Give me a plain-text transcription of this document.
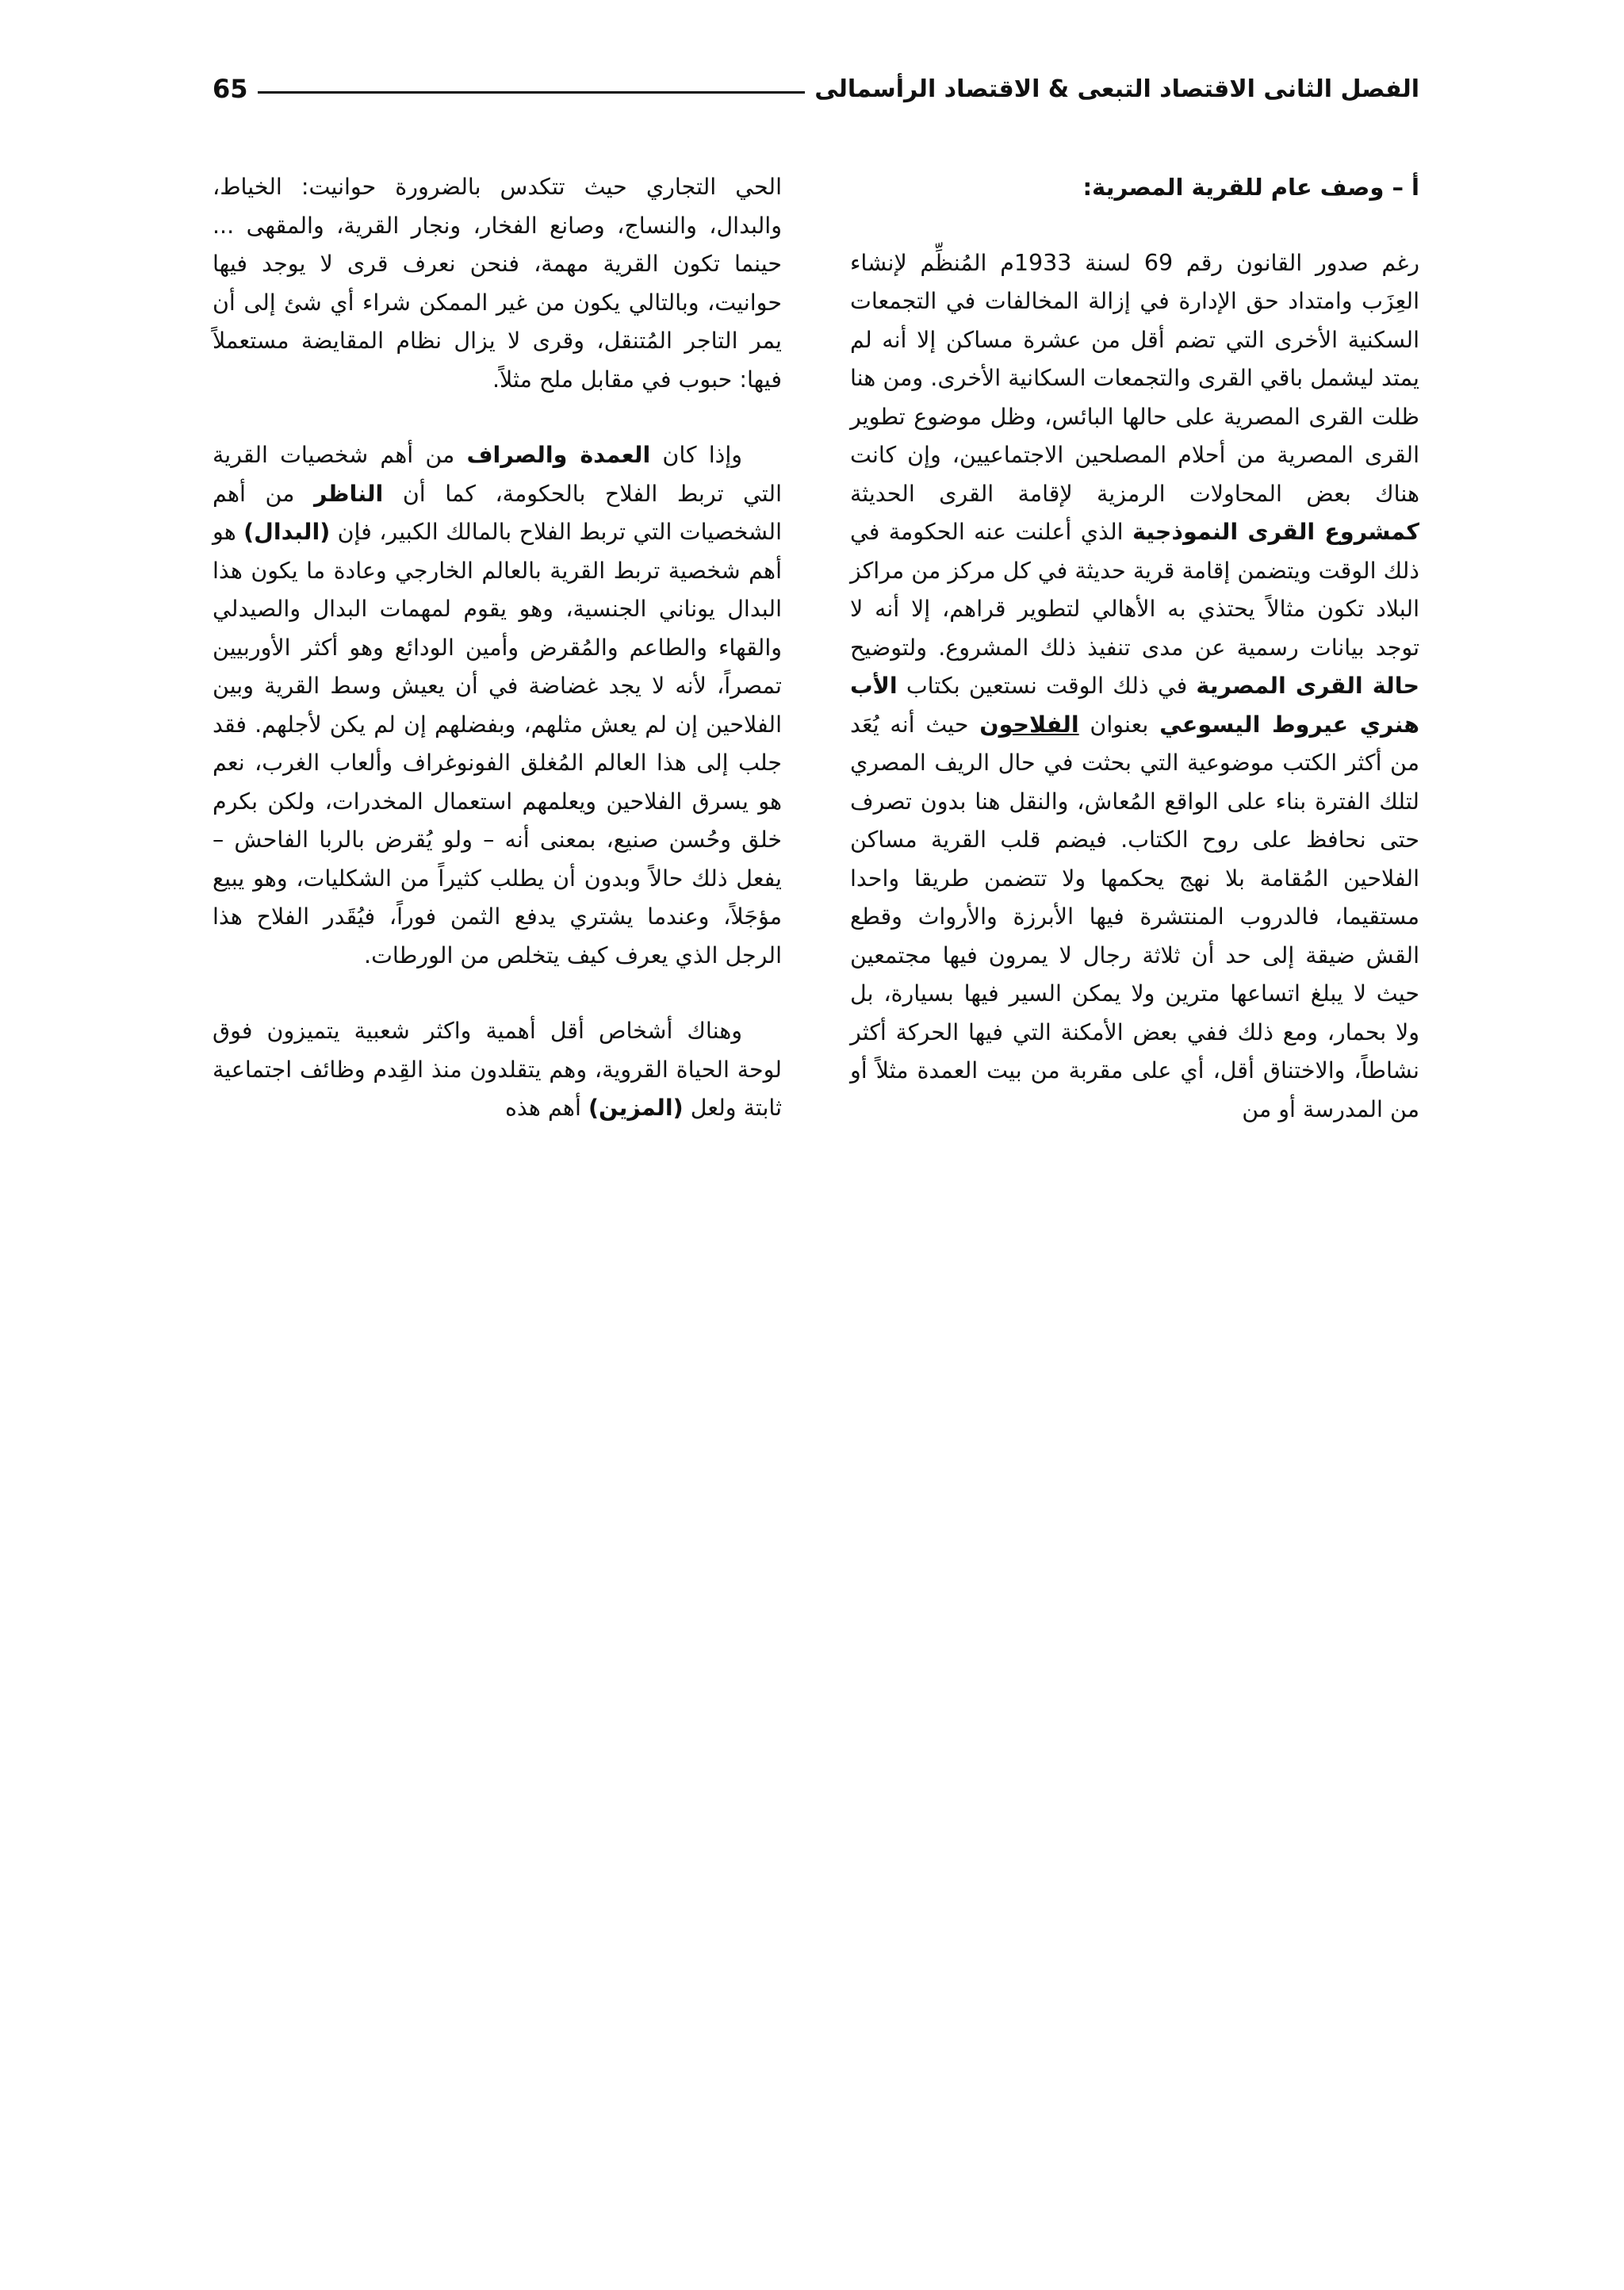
الفصل الثانى الاقتصاد التبعى & الاقتصاد الرأسمالى
65

أ – وصف عام للقرية المصرية:

رغم صدور القانون رقم 69 لسنة 1933م المُنظِّم لإنشاء العِزَب وامتداد حق الإدارة في إزالة المخالفات في التجمعات السكنية الأخرى التي تضم أقل من عشرة مساكن إلا أنه لم يمتد ليشمل باقي القرى والتجمعات السكانية الأخرى. ومن هنا ظلت القرى المصرية على حالها البائس، وظل موضوع تطوير القرى المصرية من أحلام المصلحين الاجتماعيين، وإن كانت هناك بعض المحاولات الرمزية لإقامة القرى الحديثة كمشروع القرى النموذجية الذي أعلنت عنه الحكومة في ذلك الوقت ويتضمن إقامة قرية حديثة في كل مركز من مراكز البلاد تكون مثالاً يحتذي به الأهالي لتطوير قراهم، إلا أنه لا توجد بيانات رسمية عن مدى تنفيذ ذلك المشروع. ولتوضيح حالة القرى المصرية في ذلك الوقت نستعين بكتاب الأب هنري عيروط اليسوعي بعنوان الفلاحون حيث أنه يُعَد من أكثر الكتب موضوعية التي بحثت في حال الريف المصري لتلك الفترة بناء على الواقع المُعاش، والنقل هنا بدون تصرف حتى نحافظ على روح الكتاب. فيضم قلب القرية مساكن الفلاحين المُقامة بلا نهج يحكمها ولا تتضمن طريقا واحدا مستقيما، فالدروب المنتشرة فيها الأبرزة والأرواث وقطع القش ضيقة إلى حد أن ثلاثة رجال لا يمرون فيها مجتمعين حيث لا يبلغ اتساعها مترين ولا يمكن السير فيها بسيارة، بل ولا بحمار، ومع ذلك ففي بعض الأمكنة التي فيها الحركة أكثر نشاطاً، والاختناق أقل، أي على مقربة من بيت العمدة مثلاً أو من المدرسة أو من

الحي التجاري حيث تتكدس بالضرورة حوانيت: الخياط، والبدال، والنساج، وصانع الفخار، ونجار القرية، والمقهى ... حينما تكون القرية مهمة، فنحن نعرف قرى لا يوجد فيها حوانيت، وبالتالي يكون من غير الممكن شراء أي شئ إلى أن يمر التاجر المُتنقل، وقرى لا يزال نظام المقايضة مستعملاً فيها: حبوب في مقابل ملح مثلاً.

وإذا كان العمدة والصراف من أهم شخصيات القرية التي تربط الفلاح بالحكومة، كما أن الناظر من أهم الشخصيات التي تربط الفلاح بالمالك الكبير، فإن (البدال) هو أهم شخصية تربط القرية بالعالم الخارجي وعادة ما يكون هذا البدال يوناني الجنسية، وهو يقوم لمهمات البدال والصيدلي والقهاء والطاعم والمُقرض وأمين الودائع وهو أكثر الأوربيين تمصراً، لأنه لا يجد غضاضة في أن يعيش وسط القرية وبين الفلاحين إن لم يعش مثلهم، وبفضلهم إن لم يكن لأجلهم. فقد جلب إلى هذا العالم المُغلق الفونوغراف وألعاب الغرب، نعم هو يسرق الفلاحين ويعلمهم استعمال المخدرات، ولكن بكرم خلق وحُسن صنيع، بمعنى أنه – ولو يُقرض بالربا الفاحش – يفعل ذلك حالاً وبدون أن يطلب كثيراً من الشكليات، وهو يبيع مؤجَلاً، وعندما يشتري يدفع الثمن فوراً، فيُقَدر الفلاح هذا الرجل الذي يعرف كيف يتخلص من الورطات.

وهناك أشخاص أقل أهمية واكثر شعبية يتميزون فوق لوحة الحياة القروية، وهم يتقلدون منذ القِدم وظائف اجتماعية ثابتة ولعل (المزين) أهم هذه
